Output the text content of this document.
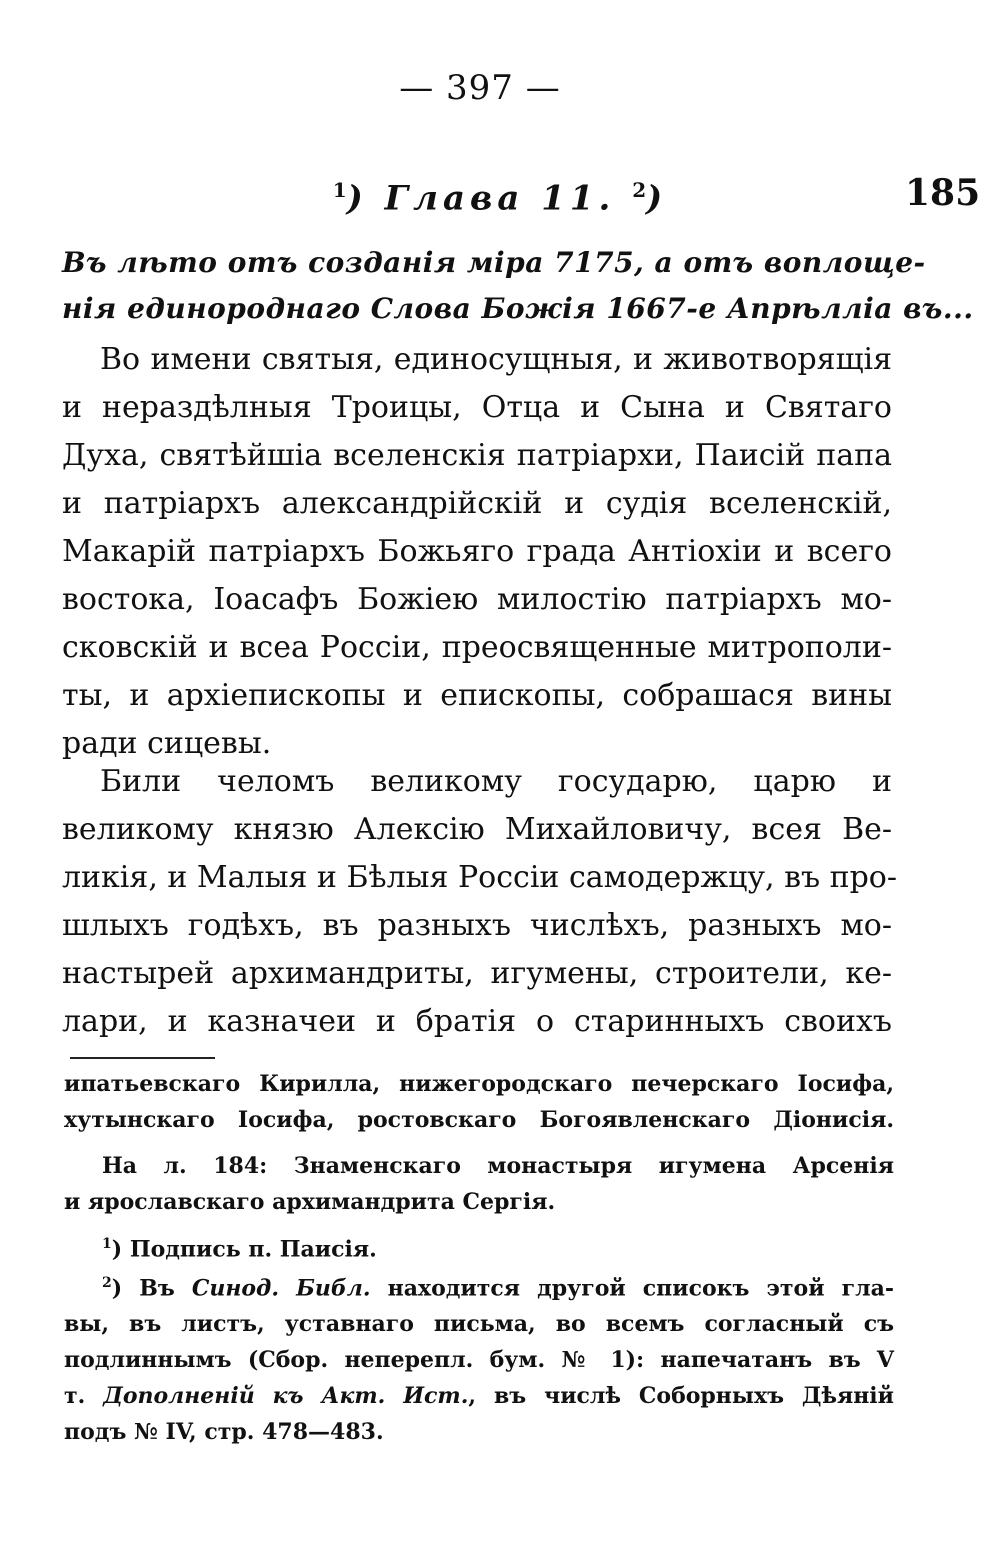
— 397 —
185
$^1$) Глава 11. $^2$)
Въ лѣто отъ созданія міра 7175, а отъ воплоще-
нія единороднаго Слова Божія 1667-е Апрѣлліа въ...
Во имени святыя, единосущныя, и животворящія
и нераздѣлныя Троицы, Отца и Сына и Святаго
Духа, святѣйшіа вселенскія патріархи, Паисій папа
и патріархъ александрійскій и судія вселенскій,
Макарій патріархъ Божьяго града Антіохіи и всего
востока, Іоасафъ Божіею милостію патріархъ мо-
сковскій и всеа Россіи, преосвященные митрополи-
ты, и архіепископы и епископы, собрашася вины
ради сицевы.
Били челомъ великому государю, царю и
великому князю Алексію Михайловичу, всея Ве-
ликія, и Малыя и Бѣлыя Россіи самодержцу, въ про-
шлыхъ годѣхъ, въ разныхъ числѣхъ, разныхъ мо-
настырей архимандриты, игумены, строители, ке-
лари, и казначеи и братія о старинныхъ своихъ
ипатьевскаго Кирилла, нижегородскаго печерскаго Іосифа,
хутынскаго Іосифа, ростовскаго Богоявленскаго Діонисія.
На л. 184: Знаменскаго монастыря игумена Арсенія
и ярославскаго архимандрита Сергія.
$^1$) Подпись п. Паисія.
$^2$) Въ Синод. Библ. находится другой списокъ этой гла-
вы, въ листъ, уставнаго письма, во всемъ согласный съ
подлиннымъ (Сбор. неперепл. бум. № 1): напечатанъ въ V
т. Дополненій къ Акт. Ист., въ числѣ Соборныхъ Дѣяній
подъ № IV, стр. 478—483.
